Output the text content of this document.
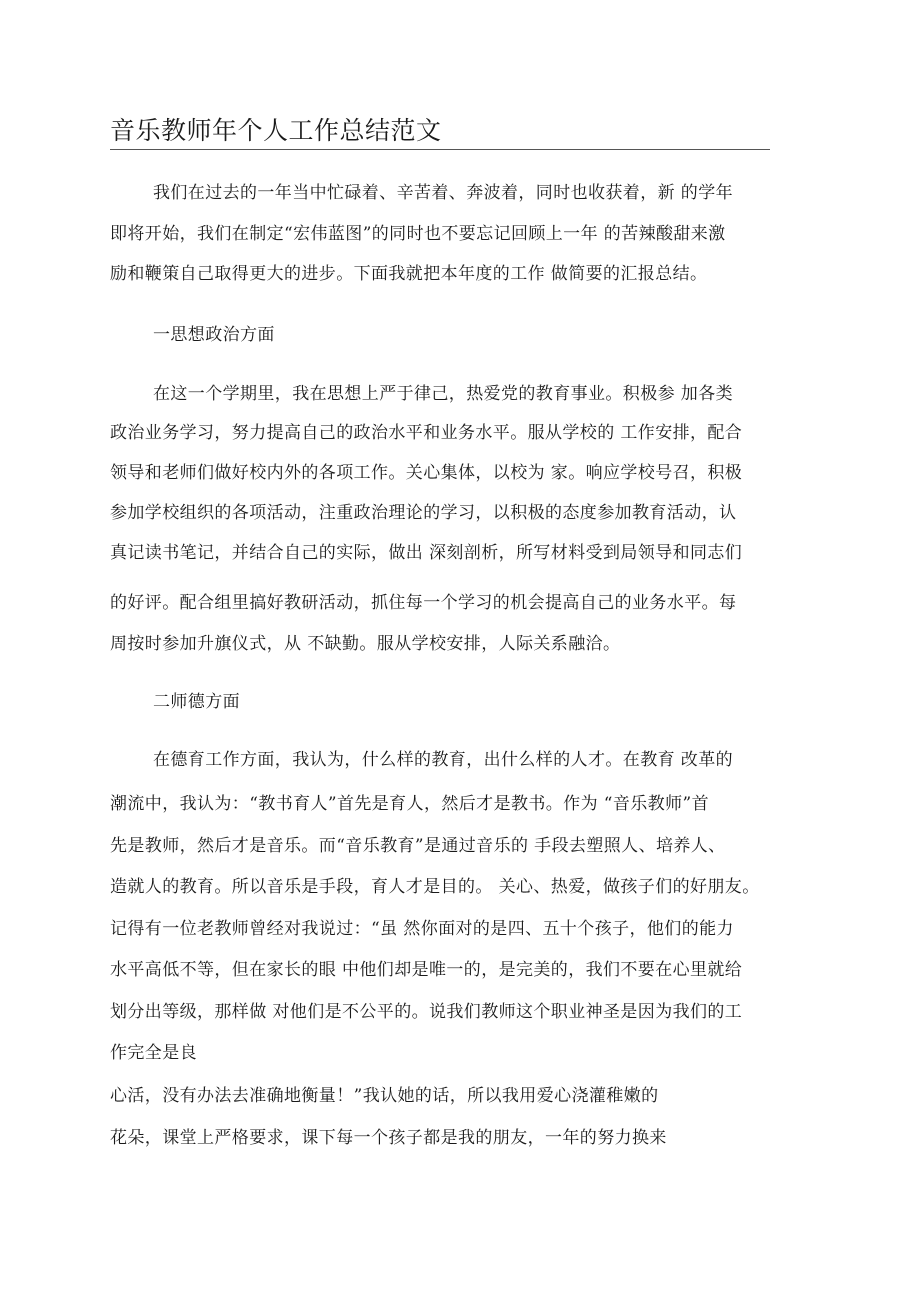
音乐教师年个人工作总结范文
我们在过去的一年当中忙碌着、辛苦着、奔波着，同时也收获着，新 的学年
即将开始，我们在制定“宏伟蓝图”的同时也不要忘记回顾上一年 的苦辣酸甜来激
励和鞭策自己取得更大的进步。下面我就把本年度的工作 做简要的汇报总结。
一思想政治方面
在这一个学期里，我在思想上严于律己，热爱党的教育事业。积极参 加各类
政治业务学习，努力提高自己的政治水平和业务水平。服从学校的 工作安排，配合
领导和老师们做好校内外的各项工作。关心集体，以校为 家。响应学校号召，积极
参加学校组织的各项活动，注重政治理论的学习，以积极的态度参加教育活动，认
真记读书笔记，并结合自己的实际，做出 深刻剖析，所写材料受到局领导和同志们
的好评。配合组里搞好教研活动，抓住每一个学习的机会提高自己的业务水平。每
周按时参加升旗仪式，从 不缺勤。服从学校安排，人际关系融洽。
二师德方面
在德育工作方面，我认为，什么样的教育，出什么样的人才。在教育 改革的
潮流中，我认为：“教书育人”首先是育人，然后才是教书。作为 “音乐教师”首
先是教师，然后才是音乐。而“音乐教育”是通过音乐的 手段去塑照人、培养人、
造就人的教育。所以音乐是手段，育人才是目的。 关心、热爱，做孩子们的好朋友。
记得有一位老教师曾经对我说过：“虽 然你面对的是四、五十个孩子，他们的能力
水平高低不等，但在家长的眼 中他们却是唯一的，是完美的，我们不要在心里就给
划分出等级，那样做 对他们是不公平的。说我们教师这个职业神圣是因为我们的工
作完全是良
心活，没有办法去准确地衡量！”我认她的话，所以我用爱心浇灌稚嫩的
花朵，课堂上严格要求，课下每一个孩子都是我的朋友，一年的努力换来
